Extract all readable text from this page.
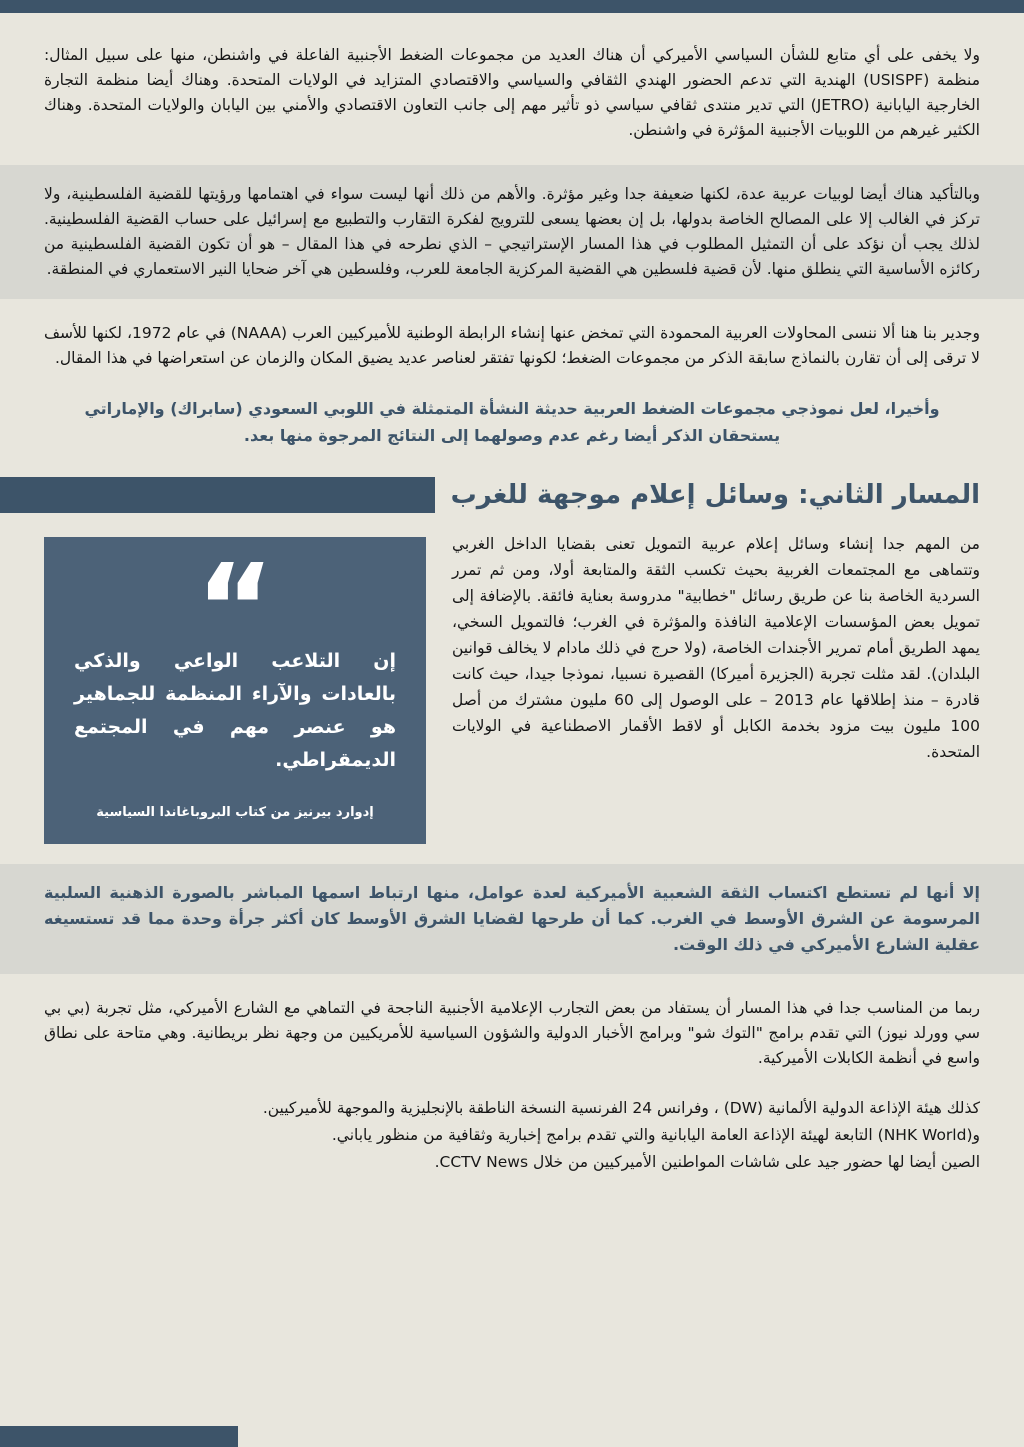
ولا يخفى على أي متابع للشأن السياسي الأميركي أن هناك العديد من مجموعات الضغط الأجنبية الفاعلة في واشنطن، منها على سبيل المثال: منظمة (USISPF) الهندية التي تدعم الحضور الهندي الثقافي والسياسي والاقتصادي المتزايد في الولايات المتحدة. وهناك أيضا منظمة التجارة الخارجية اليابانية (JETRO) التي تدير منتدى ثقافي سياسي ذو تأثير مهم إلى جانب التعاون الاقتصادي والأمني بين اليابان والولايات المتحدة. وهناك الكثير غيرهم من اللوبيات الأجنبية المؤثرة في واشنطن.

وبالتأكيد هناك أيضا لوبيات عربية عدة، لكنها ضعيفة جدا وغير مؤثرة. والأهم من ذلك أنها ليست سواء في اهتمامها ورؤيتها للقضية الفلسطينية، ولا تركز في الغالب إلا على المصالح الخاصة بدولها، بل إن بعضها يسعى للترويج لفكرة التقارب والتطبيع مع إسرائيل على حساب القضية الفلسطينية. لذلك يجب أن نؤكد على أن التمثيل المطلوب في هذا المسار الإستراتيجي – الذي نطرحه في هذا المقال – هو أن تكون القضية الفلسطينية من ركائزه الأساسية التي ينطلق منها. لأن قضية فلسطين هي القضية المركزية الجامعة للعرب، وفلسطين هي آخر ضحايا النير الاستعماري في المنطقة.

وجدير بنا هنا ألا ننسى المحاولات العربية المحمودة التي تمخض عنها إنشاء الرابطة الوطنية للأميركيين العرب (NAAA) في عام 1972، لكنها للأسف لا ترقى إلى أن تقارن بالنماذج سابقة الذكر من مجموعات الضغط؛ لكونها تفتقر لعناصر عديد يضيق المكان والزمان عن استعراضها في هذا المقال.

وأخيرا، لعل نموذجي مجموعات الضغط العربية حديثة النشأة المتمثلة في اللوبي السعودي (سابراك) والإماراتي يستحقان الذكر أيضا رغم عدم وصولهما إلى النتائج المرجوة منها بعد.

المسار الثاني: وسائل إعلام موجهة للغرب

من المهم جدا إنشاء وسائل إعلام عربية التمويل تعنى بقضايا الداخل الغربي وتتماهى مع المجتمعات الغربية بحيث تكسب الثقة والمتابعة أولا، ومن ثم تمرر السردية الخاصة بنا عن طريق رسائل "خطابية" مدروسة بعناية فائقة. بالإضافة إلى تمويل بعض المؤسسات الإعلامية النافذة والمؤثرة في الغرب؛ فالتمويل السخي، يمهد الطريق أمام تمرير الأجندات الخاصة، (ولا حرج في ذلك مادام لا يخالف قوانين البلدان). لقد مثلت تجربة (الجزيرة أميركا) القصيرة نسبيا، نموذجا جيدا، حيث كانت قادرة – منذ إطلاقها عام 2013 – على الوصول إلى 60 مليون مشترك من أصل 100 مليون بيت مزود بخدمة الكابل أو لاقط الأقمار الاصطناعية في الولايات المتحدة.

“

إن التلاعب الواعي والذكي بالعادات والآراء المنظمة للجماهير هو عنصر مهم في المجتمع الديمقراطي.

إدوارد بيرنيز من كتاب البروباغاندا السياسية

إلا أنها لم تستطع اكتساب الثقة الشعبية الأميركية لعدة عوامل، منها ارتباط اسمها المباشر بالصورة الذهنية السلبية المرسومة عن الشرق الأوسط في الغرب. كما أن طرحها لقضايا الشرق الأوسط كان أكثر جرأة وحدة مما قد تستسيغه عقلية الشارع الأميركي في ذلك الوقت.

ربما من المناسب جدا في هذا المسار أن يستفاد من بعض التجارب الإعلامية الأجنبية الناجحة في التماهي مع الشارع الأميركي، مثل تجربة (بي بي سي وورلد نيوز) التي تقدم برامج "التوك شو" وبرامج الأخبار الدولية والشؤون السياسية للأمريكيين من وجهة نظر بريطانية. وهي متاحة على نطاق واسع في أنظمة الكابلات الأميركية.

كذلك هيئة الإذاعة الدولية الألمانية (DW) ، وفرانس 24 الفرنسية النسخة الناطقة بالإنجليزية والموجهة للأميركيين.

و(NHK World) التابعة لهيئة الإذاعة العامة اليابانية والتي تقدم برامج إخبارية وثقافية من منظور ياباني.

الصين أيضا لها حضور جيد على شاشات المواطنين الأميركيين من خلال CCTV News.
